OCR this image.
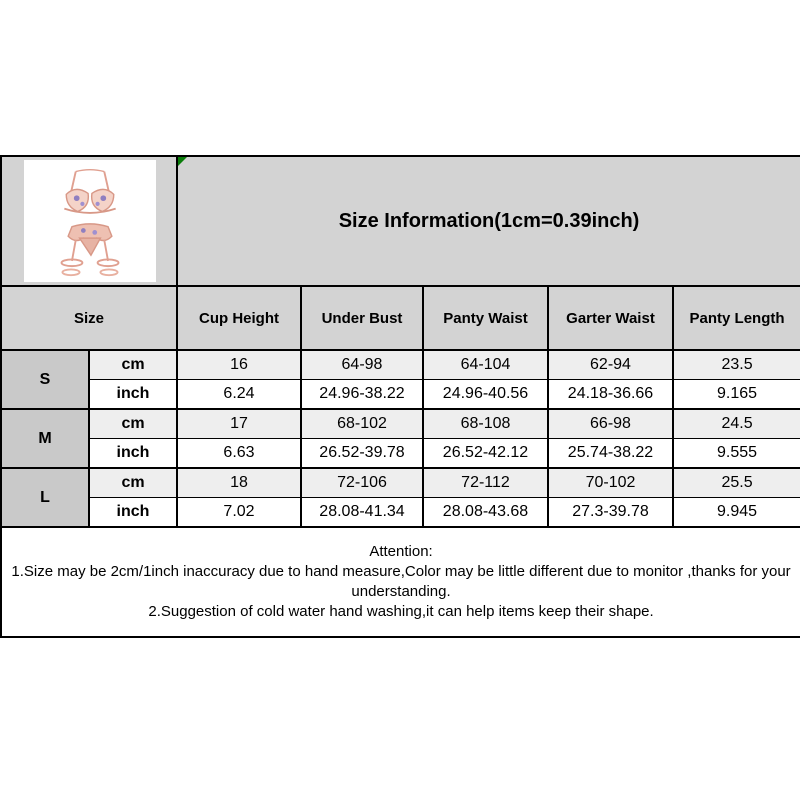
Size Information(1cm=0.39inch)				
Size		Cup Height	Under Bust	Panty Waist	Garter Waist	Panty Length
S	cm	16	64-98	64-104	62-94	23.5
	inch	6.24	24.96-38.22	24.96-40.56	24.18-36.66	9.165
M	cm	17	68-102	68-108	66-98	24.5
	inch	6.63	26.52-39.78	26.52-42.12	25.74-38.22	9.555
L	cm	18	72-106	72-112	70-102	25.5
	inch	7.02	28.08-41.34	28.08-43.68	27.3-39.78	9.945

Attention:
1.Size may be 2cm/1inch inaccuracy due to hand measure,Color may be little different due to monitor ,thanks for your understanding.
2.Suggestion of cold water hand washing,it can help items keep their shape.						
